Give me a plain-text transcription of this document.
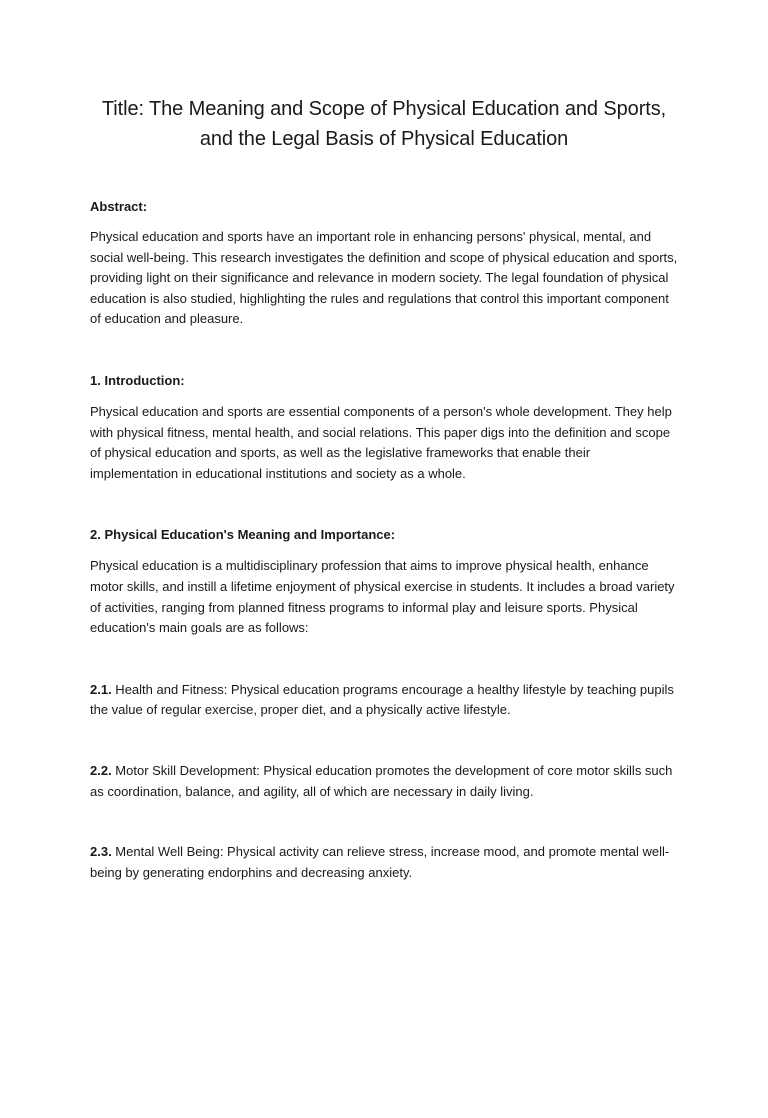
Title: The Meaning and Scope of Physical Education and Sports,
and the Legal Basis of Physical Education

Abstract:

Physical education and sports have an important role in enhancing persons' physical, mental, and social well-being. This research investigates the definition and scope of physical education and sports, providing light on their significance and relevance in modern society. The legal foundation of physical education is also studied, highlighting the rules and regulations that control this important component of education and pleasure.

1. Introduction:

Physical education and sports are essential components of a person's whole development. They help with physical fitness, mental health, and social relations. This paper digs into the definition and scope of physical education and sports, as well as the legislative frameworks that enable their implementation in educational institutions and society as a whole.

2. Physical Education's Meaning and Importance:

Physical education is a multidisciplinary profession that aims to improve physical health, enhance motor skills, and instill a lifetime enjoyment of physical exercise in students. It includes a broad variety of activities, ranging from planned fitness programs to informal play and leisure sports. Physical education's main goals are as follows:

2.1. Health and Fitness: Physical education programs encourage a healthy lifestyle by teaching pupils the value of regular exercise, proper diet, and a physically active lifestyle.

2.2. Motor Skill Development: Physical education promotes the development of core motor skills such as coordination, balance, and agility, all of which are necessary in daily living.

2.3. Mental Well Being: Physical activity can relieve stress, increase mood, and promote mental well-being by generating endorphins and decreasing anxiety.
